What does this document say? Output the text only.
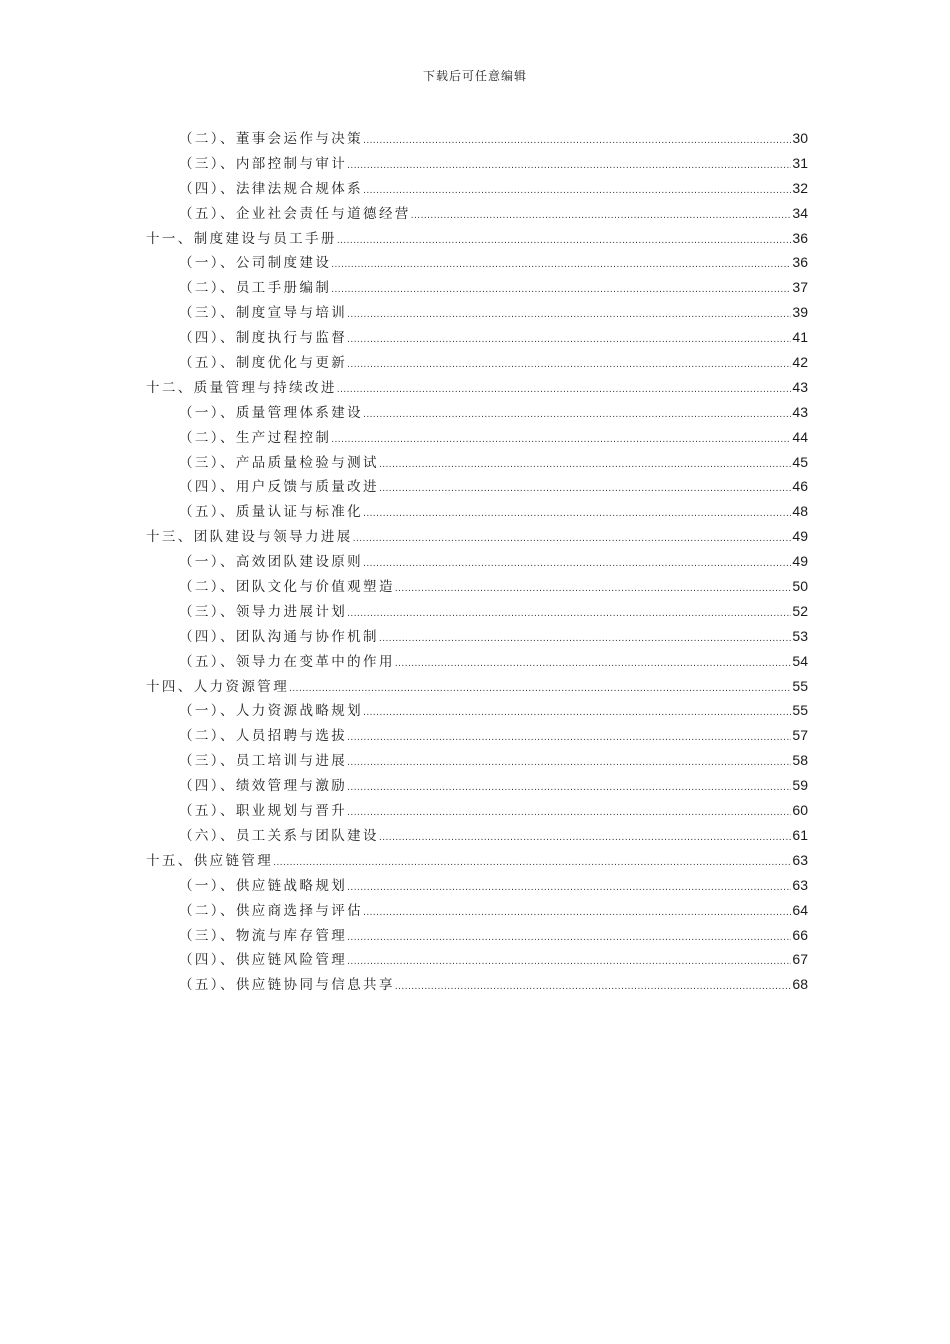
下载后可任意编辑
（二）、董事会运作与决策 .....	30
（三）、内部控制与审计 .....	31
（四）、法律法规合规体系 .....	32
（五）、企业社会责任与道德经营 .....	34
十一、制度建设与员工手册 .....	36
（一）、公司制度建设 .....	36
（二）、员工手册编制 .....	37
（三）、制度宣导与培训 .....	39
（四）、制度执行与监督 .....	41
（五）、制度优化与更新 .....	42
十二、质量管理与持续改进 .....	43
（一）、质量管理体系建设 .....	43
（二）、生产过程控制 .....	44
（三）、产品质量检验与测试 .....	45
（四）、用户反馈与质量改进 .....	46
（五）、质量认证与标准化 .....	48
十三、团队建设与领导力进展 .....	49
（一）、高效团队建设原则 .....	49
（二）、团队文化与价值观塑造 .....	50
（三）、领导力进展计划 .....	52
（四）、团队沟通与协作机制 .....	53
（五）、领导力在变革中的作用 .....	54
十四、人力资源管理 .....	55
（一）、人力资源战略规划 .....	55
（二）、人员招聘与选拔 .....	57
（三）、员工培训与进展 .....	58
（四）、绩效管理与激励 .....	59
（五）、职业规划与晋升 .....	60
（六）、员工关系与团队建设 .....	61
十五、供应链管理 .....	63
（一）、供应链战略规划 .....	63
（二）、供应商选择与评估 .....	64
（三）、物流与库存管理 .....	66
（四）、供应链风险管理 .....	67
（五）、供应链协同与信息共享 .....	68
